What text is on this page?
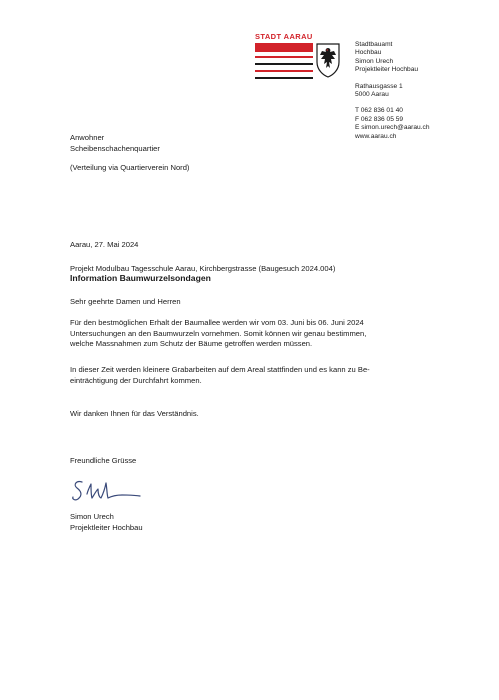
STADT AARAU
Stadtbauamt
Hochbau
Simon Urech
Projektleiter Hochbau
Rathausgasse 1
5000 Aarau
T 062 836 01 40
F 062 836 05 59
E simon.urech@aarau.ch
www.aarau.ch
Anwohner
Scheibenschachenquartier
(Verteilung via Quartierverein Nord)
Aarau, 27. Mai 2024
Projekt Modulbau Tagesschule Aarau, Kirchbergstrasse (Baugesuch 2024.004)
Information Baumwurzelsondagen
Sehr geehrte Damen und Herren
Für den bestmöglichen Erhalt der Baumallee werden wir vom 03. Juni bis 06. Juni 2024
Untersuchungen an den Baumwurzeln vornehmen. Somit können wir genau bestimmen,
welche Massnahmen zum Schutz der Bäume getroffen werden müssen.
In dieser Zeit werden kleinere Grabarbeiten auf dem Areal stattfinden und es kann zu Be-
einträchtigung der Durchfahrt kommen.
Wir danken Ihnen für das Verständnis.
Freundliche Grüsse
Simon Urech
Projektleiter Hochbau
